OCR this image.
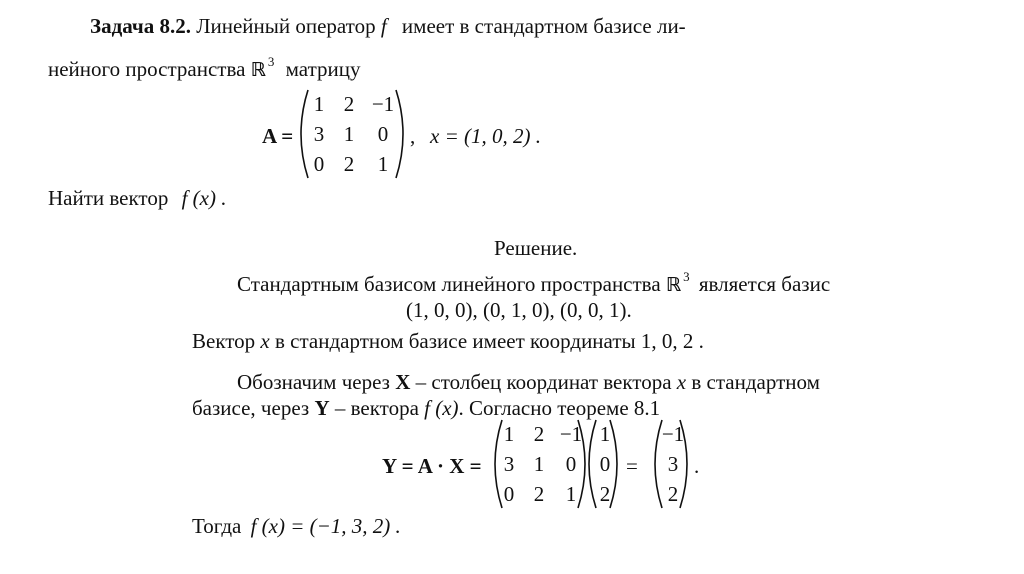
Задача 8.2. Линейный оператор f имеет в стандартном базисе ли-
нейного пространства ℝ $^3$ матрицу
A =
1 2 −1
3 1	0
0 2	1
, x = (1, 0, 2) .
Найти вектор f (x) .
Решение.
Стандартным базисом линейного пространства ℝ $^3$ является базис
(1, 0, 0), (0, 1, 0), (0, 0, 1).
Вектор x в стандартном базисе имеет координаты 1, 0, 2 .
Обозначим через X – столбец координат вектора x в стандартном
базисе, через Y – вектора f (x). Согласно теореме 8.1
Y = A · X =
1 2 −1
3 1	0
0 2	1
1
0
2
=
−1
3
2
.
Тогда f (x) = (−1, 3, 2) .
